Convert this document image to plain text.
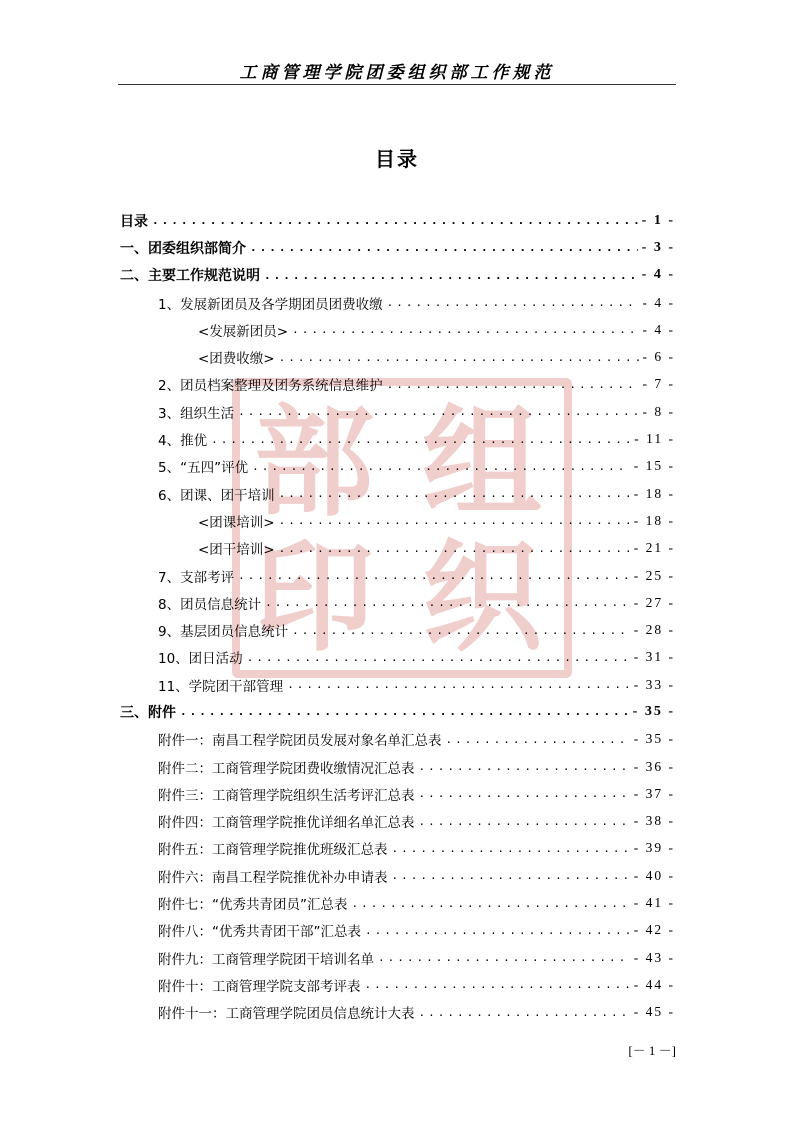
工商管理学院团委组织部工作规范
目录
部 组
印 织
目录 .....	- 1 -
一、团委组织部简介 .....	- 3 -
二、主要工作规范说明 .....	- 4 -
1、发展新团员及各学期团员团费收缴 .....	- 4 -
<发展新团员> .....	- 4 -
<团费收缴> .....	- 6 -
2、团员档案整理及团务系统信息维护 .....	- 7 -
3、组织生活 .....	- 8 -
4、推优 .....	- 11 -
5、“五四”评优 .....	- 15 -
6、团课、团干培训 .....	- 18 -
<团课培训> .....	- 18 -
<团干培训> .....	- 21 -
7、支部考评 .....	- 25 -
8、团员信息统计 .....	- 27 -
9、基层团员信息统计 .....	- 28 -
10、团日活动 .....	- 31 -
11、学院团干部管理 .....	- 33 -
三、附件 .....	- 35 -
附件一：南昌工程学院团员发展对象名单汇总表 .....	- 35 -
附件二：工商管理学院团费收缴情况汇总表 .....	- 36 -
附件三：工商管理学院组织生活考评汇总表 .....	- 37 -
附件四：工商管理学院推优详细名单汇总表 .....	- 38 -
附件五：工商管理学院推优班级汇总表 .....	- 39 -
附件六：南昌工程学院推优补办申请表 .....	- 40 -
附件七：“优秀共青团员”汇总表 .....	- 41 -
附件八：“优秀共青团干部”汇总表 .....	- 42 -
附件九：工商管理学院团干培训名单 .....	- 43 -
附件十：工商管理学院支部考评表 .....	- 44 -
附件十一：工商管理学院团员信息统计大表 .....	- 45 -
[－ 1 －]
